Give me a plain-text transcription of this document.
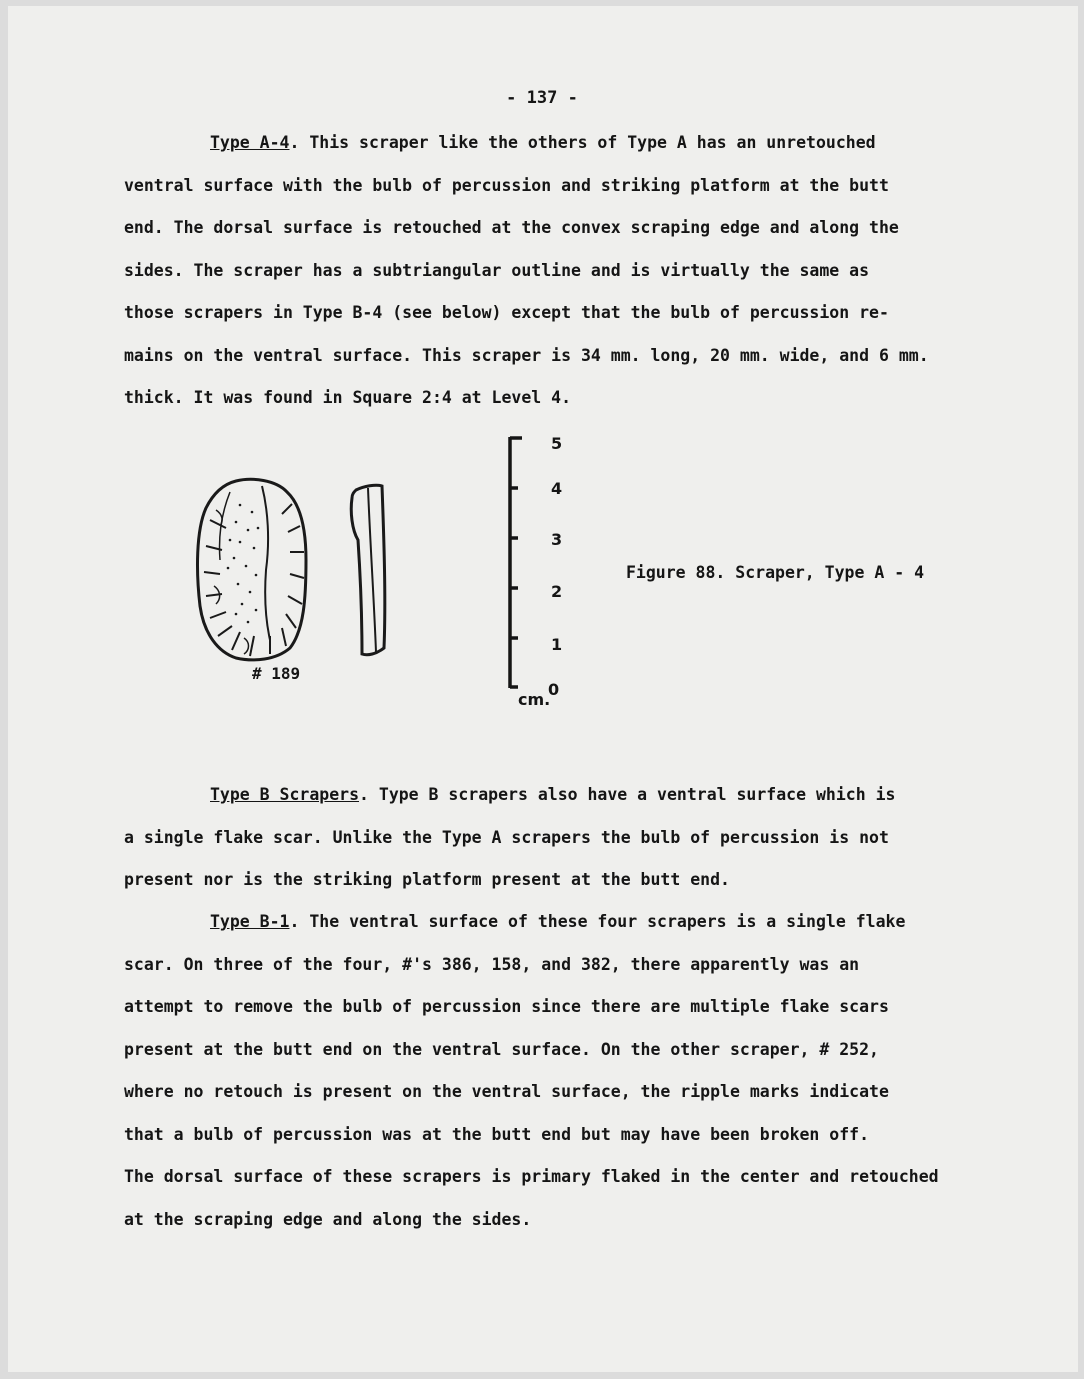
- 137 -
Type A-4. This scraper like the others of Type A has an unretouched
ventral surface with the bulb of percussion and striking platform at the butt
end. The dorsal surface is retouched at the convex scraping edge and along the
sides. The scraper has a subtriangular outline and is virtually the same as
those scrapers in Type B-4 (see below) except that the bulb of percussion re-
mains on the ventral surface. This scraper is 34 mm. long, 20 mm. wide, and 6 mm.
thick. It was found in Square 2:4 at Level 4.
5
4
3
2
1
0
cm.
# 189
Figure 88. Scraper, Type A - 4
Type B Scrapers. Type B scrapers also have a ventral surface which is
a single flake scar. Unlike the Type A scrapers the bulb of percussion is not
present nor is the striking platform present at the butt end.
Type B-1. The ventral surface of these four scrapers is a single flake
scar. On three of the four, #'s 386, 158, and 382, there apparently was an
attempt to remove the bulb of percussion since there are multiple flake scars
present at the butt end on the ventral surface. On the other scraper, # 252,
where no retouch is present on the ventral surface, the ripple marks indicate
that a bulb of percussion was at the butt end but may have been broken off.
The dorsal surface of these scrapers is primary flaked in the center and retouched
at the scraping edge and along the sides.
